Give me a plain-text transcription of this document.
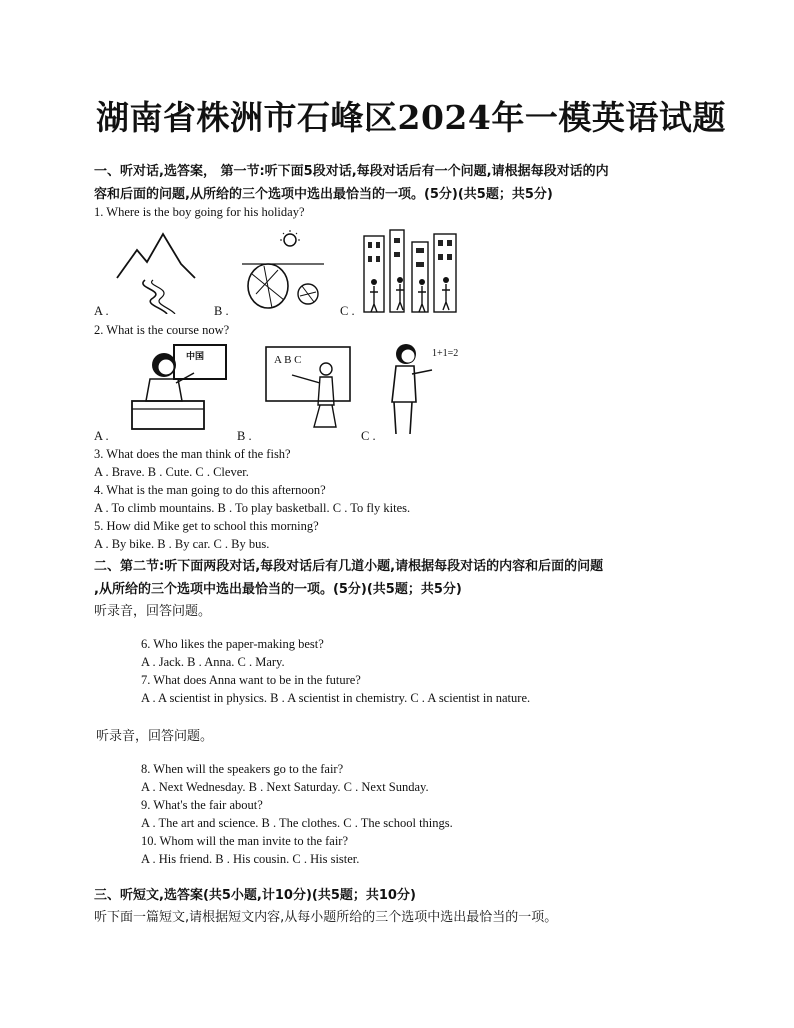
湖南省株洲市石峰区2024年一模英语试题
一、听对话,选答案， 第一节:听下面5段对话,每段对话后有一个问题,请根据每段对话的内
容和后面的问题,从所给的三个选项中选出最恰当的一项。(5分)(共5题；共5分)
1. Where is the boy going for his holiday?
A .	B .	C .
2. What is the course now?
中国
A .
A B C
B .
1+1=2
C .
3. What does the man think of the fish?
A . Brave. B . Cute. C . Clever.
4. What is the man going to do this afternoon?
A . To climb mountains. B . To play basketball. C . To fly kites.
5. How did Mike get to school this morning?
A . By bike. B . By car. C . By bus.
二、第二节:听下面两段对话,每段对话后有几道小题,请根据每段对话的内容和后面的问题
,从所给的三个选项中选出最恰当的一项。(5分)(共5题；共5分)
听录音，回答问题。
6. Who likes the paper-making best?
A . Jack. B . Anna. C . Mary.
7. What does Anna want to be in the future?
A . A scientist in physics. B . A scientist in chemistry. C . A scientist in nature.
听录音，回答问题。
8. When will the speakers go to the fair?
A . Next Wednesday. B . Next Saturday. C . Next Sunday.
9. What's the fair about?
A . The art and science. B . The clothes. C . The school things.
10. Whom will the man invite to the fair?
A . His friend. B . His cousin. C . His sister.
三、听短文,选答案(共5小题,计10分)(共5题；共10分)
听下面一篇短文,请根据短文内容,从每小题所给的三个选项中选出最恰当的一项。
